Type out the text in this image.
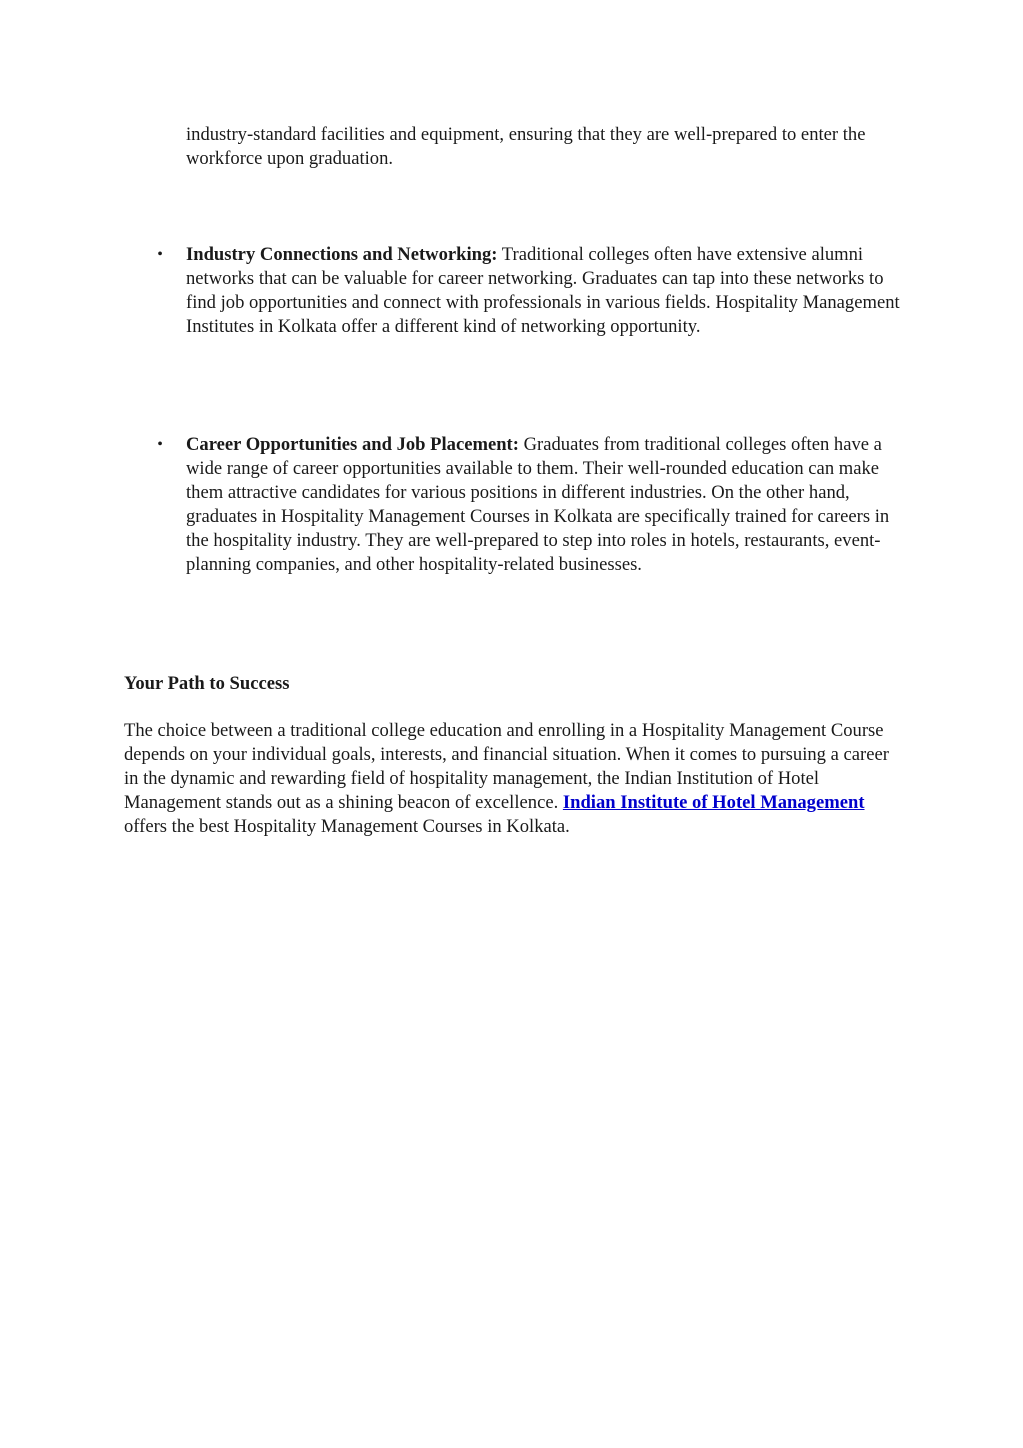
industry-standard facilities and equipment, ensuring that they are well-prepared to enter the workforce upon graduation.

• Industry Connections and Networking: Traditional colleges often have extensive alumni networks that can be valuable for career networking. Graduates can tap into these networks to find job opportunities and connect with professionals in various fields. Hospitality Management Institutes in Kolkata offer a different kind of networking opportunity.

• Career Opportunities and Job Placement: Graduates from traditional colleges often have a wide range of career opportunities available to them. Their well-rounded education can make them attractive candidates for various positions in different industries. On the other hand, graduates in Hospitality Management Courses in Kolkata are specifically trained for careers in the hospitality industry. They are well-prepared to step into roles in hotels, restaurants, event-planning companies, and other hospitality-related businesses.

Your Path to Success

The choice between a traditional college education and enrolling in a Hospitality Management Course depends on your individual goals, interests, and financial situation. When it comes to pursuing a career in the dynamic and rewarding field of hospitality management, the Indian Institution of Hotel Management stands out as a shining beacon of excellence. Indian Institute of Hotel Management offers the best Hospitality Management Courses in Kolkata.
